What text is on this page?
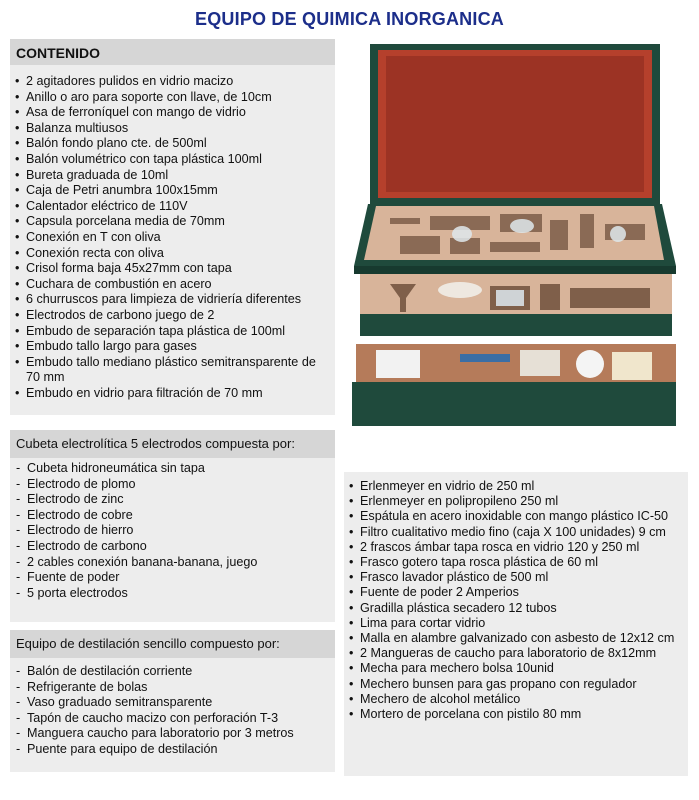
EQUIPO DE QUIMICA INORGANICA
CONTENIDO
• 2 agitadores pulidos en vidrio macizo
• Anillo o aro para soporte con llave, de 10cm
• Asa de ferroníquel con mango de vidrio
• Balanza multiusos
• Balón fondo plano cte. de 500ml
• Balón volumétrico con tapa plástica 100ml
• Bureta graduada de 10ml
• Caja de Petri anumbra 100x15mm
• Calentador eléctrico de 110V
• Capsula porcelana media de 70mm
• Conexión en T con oliva
• Conexión recta con oliva
• Crisol forma baja 45x27mm con tapa
• Cuchara de combustión en acero
• 6 churruscos para limpieza de vidriería diferentes
• Electrodos de carbono juego de 2
• Embudo de separación tapa plástica de 100ml
• Embudo tallo largo para gases
• Embudo tallo mediano plástico semitransparente de 70 mm
• Embudo en vidrio para filtración de 70 mm
Cubeta electrolítica 5 electrodos compuesta por:
- Cubeta hidroneumática sin tapa
- Electrodo de plomo
- Electrodo de zinc
- Electrodo de cobre
- Electrodo de hierro
- Electrodo de carbono
- 2 cables conexión banana-banana, juego
- Fuente de poder
- 5 porta electrodos
Equipo de destilación sencillo compuesto por:
- Balón de destilación corriente
- Refrigerante de bolas
- Vaso graduado semitransparente
- Tapón de caucho macizo con perforación T-3
- Manguera caucho para laboratorio por 3 metros
- Puente para equipo de destilación
• Erlenmeyer en vidrio de 250 ml
• Erlenmeyer en polipropileno 250 ml
• Espátula en acero inoxidable con mango plástico IC-50
• Filtro cualitativo medio fino (caja X 100 unidades) 9 cm
• 2 frascos ámbar tapa rosca en vidrio 120 y 250 ml
• Frasco gotero tapa rosca plástica de 60 ml
• Frasco lavador plástico de 500 ml
• Fuente de poder 2 Amperios
• Gradilla plástica secadero 12 tubos
• Lima para cortar vidrio
• Malla en alambre galvanizado con asbesto de 12x12 cm
• 2 Mangueras de caucho para laboratorio de 8x12mm
• Mecha para mechero bolsa 10unid
• Mechero bunsen para gas propano con regulador
• Mechero de alcohol metálico
• Mortero de porcelana con pistilo 80 mm
